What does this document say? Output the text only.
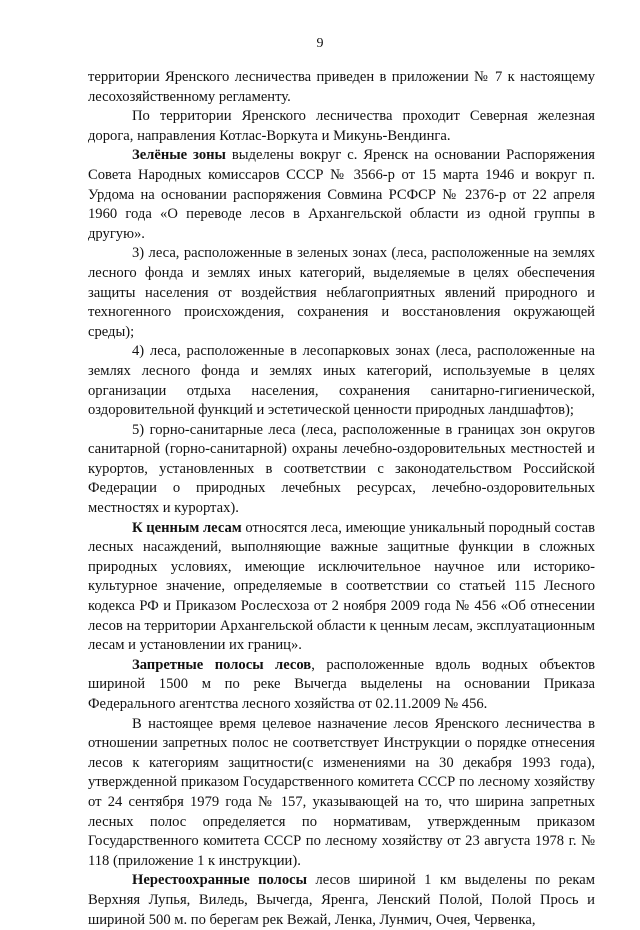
9

территории Яренского лесничества приведен в приложении № 7 к настоящему лесохозяйственному регламенту.

По территории Яренского лесничества проходит Северная железная дорога, направления Котлас-Воркута и Микунь-Вендинга.

Зелёные зоны выделены вокруг с. Яренск на основании Распоряжения Совета Народных комиссаров СССР № 3566-р от 15 марта 1946 и вокруг п. Урдома на основании распоряжения Совмина РСФСР № 2376-р от 22 апреля 1960 года «О переводе лесов в Архангельской области из одной группы в другую».

3) леса, расположенные в зеленых зонах (леса, расположенные на землях лесного фонда и землях иных категорий, выделяемые в целях обеспечения защиты населения от воздействия неблагоприятных явлений природного и техногенного происхождения, сохранения и восстановления окружающей среды);

4) леса, расположенные в лесопарковых зонах (леса, расположенные на землях лесного фонда и землях иных категорий, используемые в целях организации отдыха населения, сохранения санитарно-гигиенической, оздоровительной функций и эстетической ценности природных ландшафтов);

5) горно-санитарные леса (леса, расположенные в границах зон округов санитарной (горно-санитарной) охраны лечебно-оздоровительных местностей и курортов, установленных в соответствии с законодательством Российской Федерации о природных лечебных ресурсах, лечебно-оздоровительных местностях и курортах).

К ценным лесам относятся леса, имеющие уникальный породный состав лесных насаждений, выполняющие важные защитные функции в сложных природных условиях, имеющие исключительное научное или историко-культурное значение, определяемые в соответствии со статьей 115 Лесного кодекса РФ и Приказом Рослесхоза от 2 ноября 2009 года № 456 «Об отнесении лесов на территории Архангельской области к ценным лесам, эксплуатационным лесам и установлении их границ».

Запретные полосы лесов, расположенные вдоль водных объектов шириной 1500 м по реке Вычегда выделены на основании Приказа Федерального агентства лесного хозяйства от 02.11.2009 № 456.

В настоящее время целевое назначение лесов Яренского лесничества в отношении запретных полос не соответствует Инструкции о порядке отнесения лесов к категориям защитности(с изменениями на 30 декабря 1993 года), утвержденной приказом Государственного комитета СССР по лесному хозяйству от 24 сентября 1979 года № 157, указывающей на то, что ширина запретных лесных полос определяется по нормативам, утвержденным приказом Государственного комитета СССР по лесному хозяйству от 23 августа 1978 г. № 118 (приложение 1 к инструкции).

Нерестоохранные полосы лесов шириной 1 км выделены по рекам Верхняя Лупья, Виледь, Вычегда, Яренга, Ленский Полой, Полой Прось и шириной 500 м. по берегам рек Вежай, Ленка, Лунмич, Очея, Червенка,
